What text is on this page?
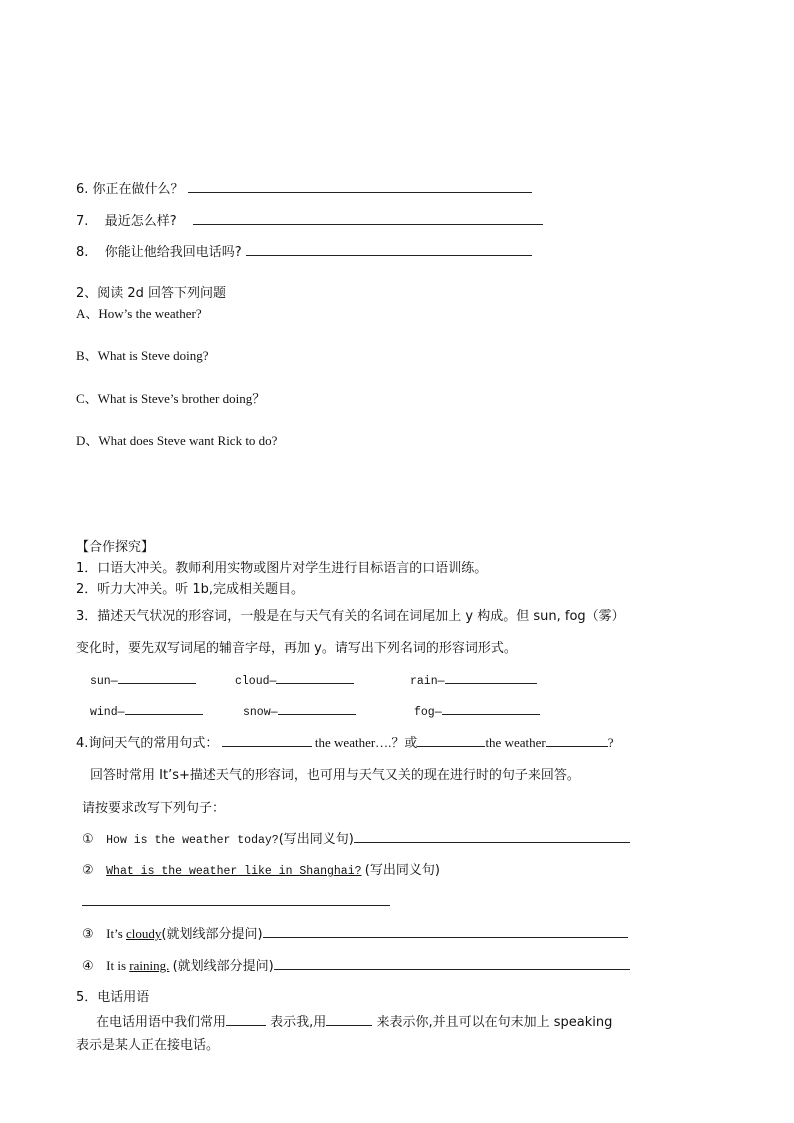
6. 你正在做什么？
7. 最近怎么样?
8. 你能让他给我回电话吗?
2、阅读 2d 回答下列问题
A、How’s the weather?
B、What is Steve doing?
C、What is Steve’s brother doing？
D、What does Steve want Rick to do?
【合作探究】
1．口语大冲关。教师利用实物或图片对学生进行目标语言的口语训练。
2．听力大冲关。听 1b,完成相关题目。
3．描述天气状况的形容词，一般是在与天气有关的名词在词尾加上 y 构成。但 sun, fog（雾）
变化时，要先双写词尾的辅音字母，再加 y。请写出下列名词的形容词形式。
sun—	cloud—	rain—
wind—	snow—	fog—
4.询问天气的常用句式：	the weather….？或	the weather	?
回答时常用 It’s+描述天气的形容词，也可用与天气又关的现在进行时的句子来回答。
请按要求改写下列句子：
① How is the weather today?(写出同义句)
② What is the weather like in Shanghai? (写出同义句)
③ It’s cloudy(就划线部分提问)
④ It is raining. (就划线部分提问)
5．电话用语
在电话用语中我们常用	表示我,用	来表示你,并且可以在句末加上 speaking
表示是某人正在接电话。
